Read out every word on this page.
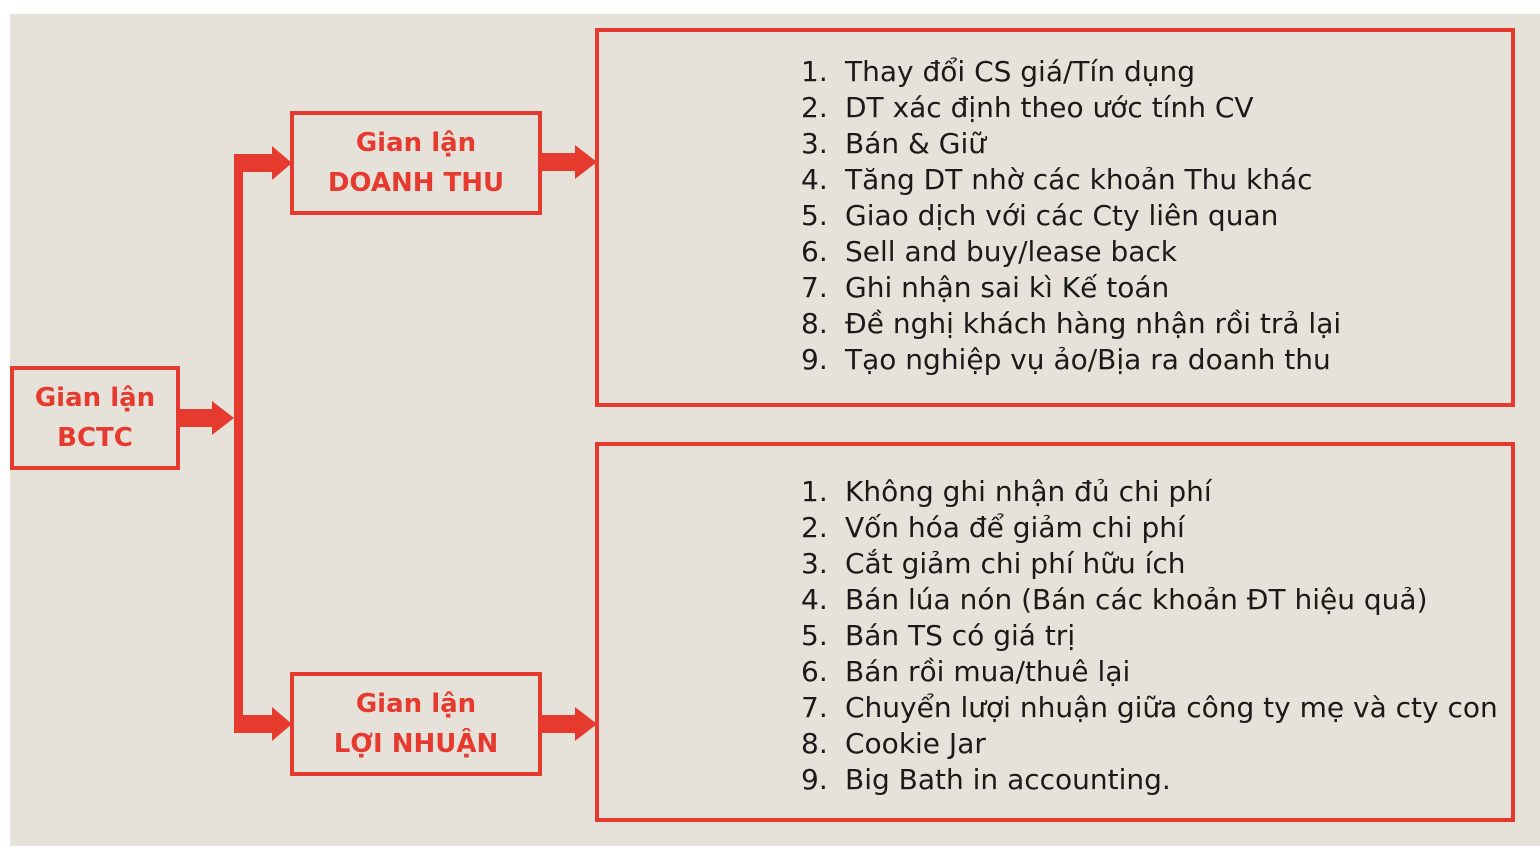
Gian lận
BCTC
Gian lận
DOANH THU
Gian lận
LỢI NHUẬN
1. Thay đổi CS giá/Tín dụng
2. DT xác định theo ước tính CV
3. Bán & Giữ
4. Tăng DT nhờ các khoản Thu khác
5. Giao dịch với các Cty liên quan
6. Sell and buy/lease back
7. Ghi nhận sai kì Kế toán
8. Đề nghị khách hàng nhận rồi trả lại
9. Tạo nghiệp vụ ảo/Bịa ra doanh thu
1. Không ghi nhận đủ chi phí
2. Vốn hóa để giảm chi phí
3. Cắt giảm chi phí hữu ích
4. Bán lúa nón (Bán các khoản ĐT hiệu quả)
5. Bán TS có giá trị
6. Bán rồi mua/thuê lại
7. Chuyển lượi nhuận giữa công ty mẹ và cty con
8. Cookie Jar
9. Big Bath in accounting.
